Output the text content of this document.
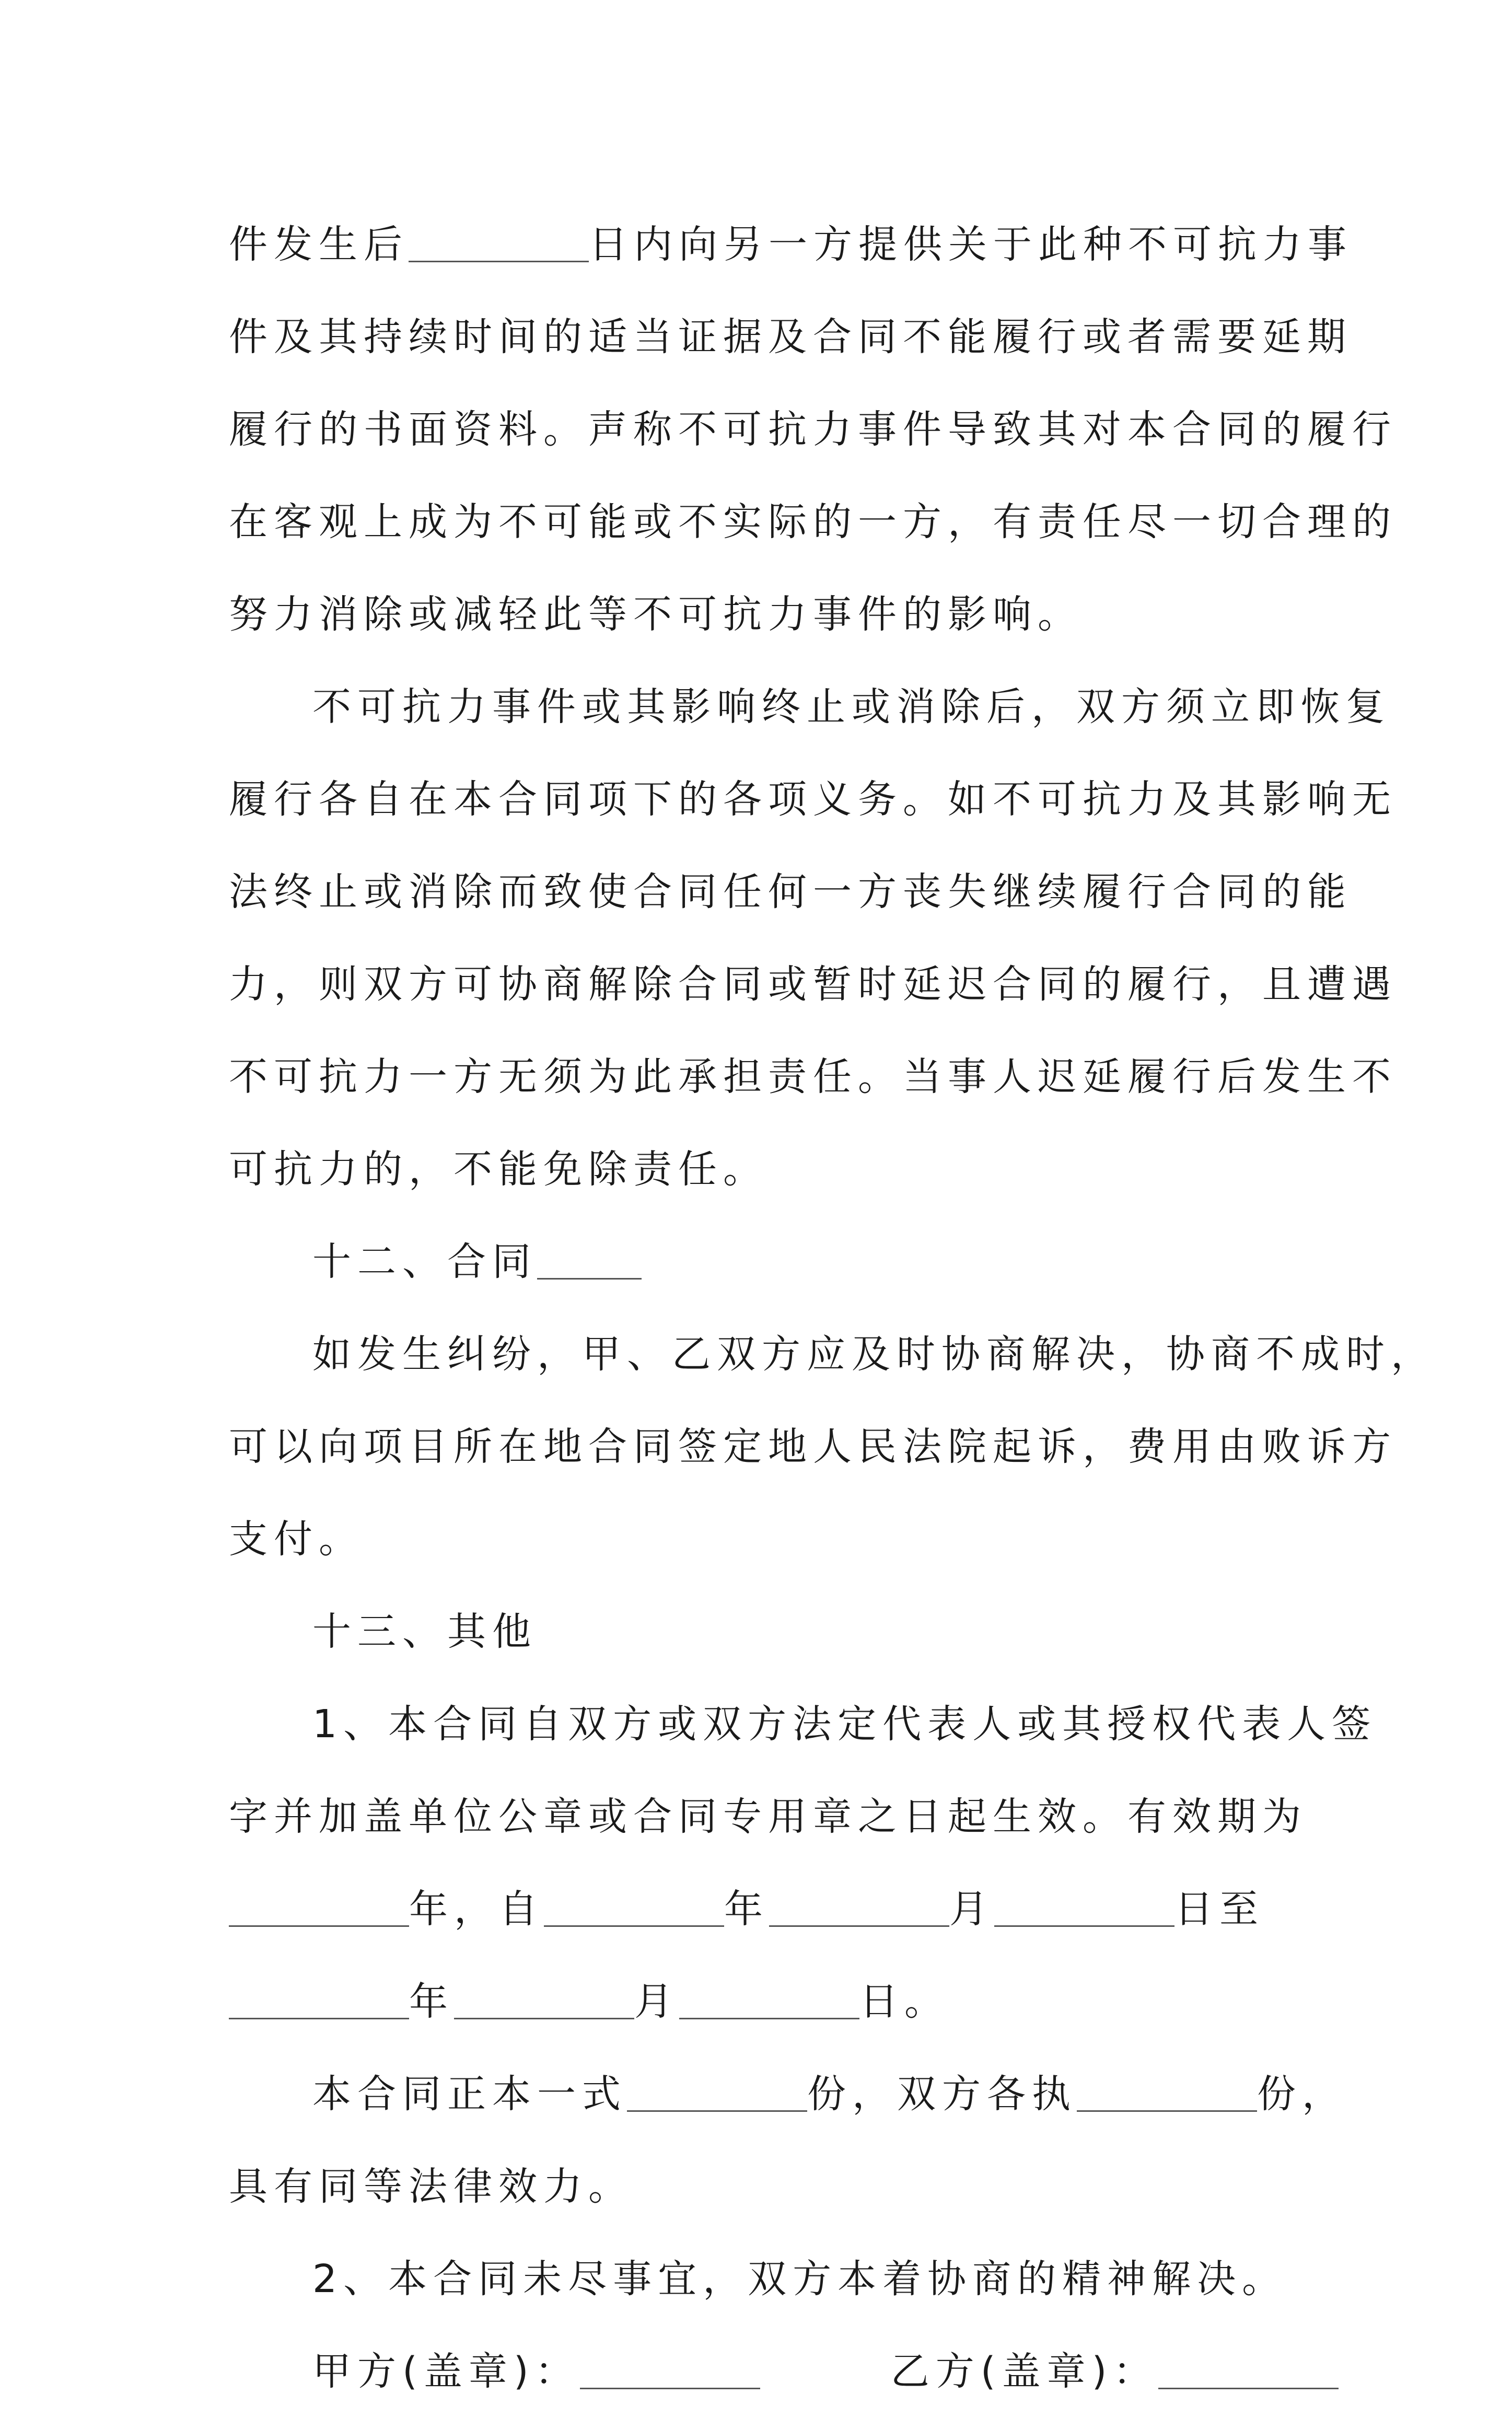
件发生后	日内向另一方提供关于此种不可抗力事
件及其持续时间的适当证据及合同不能履行或者需要延期
履行的书面资料。声称不可抗力事件导致其对本合同的履行
在客观上成为不可能或不实际的一方，有责任尽一切合理的
努力消除或减轻此等不可抗力事件的影响。
不可抗力事件或其影响终止或消除后，双方须立即恢复
履行各自在本合同项下的各项义务。如不可抗力及其影响无
法终止或消除而致使合同任何一方丧失继续履行合同的能
力，则双方可协商解除合同或暂时延迟合同的履行，且遭遇
不可抗力一方无须为此承担责任。当事人迟延履行后发生不
可抗力的，不能免除责任。
十二、合同
如发生纠纷，甲、乙双方应及时协商解决，协商不成时，
可以向项目所在地合同签定地人民法院起诉，费用由败诉方
支付。
十三、其他
1、本合同自双方或双方法定代表人或其授权代表人签
字并加盖单位公章或合同专用章之日起生效。有效期为
年，自	年	月	日至
年	月	日。
本合同正本一式	份，双方各执	份，
具有同等法律效力。
2、本合同未尽事宜，双方本着协商的精神解决。
甲方(盖章)：	乙方(盖章)：
